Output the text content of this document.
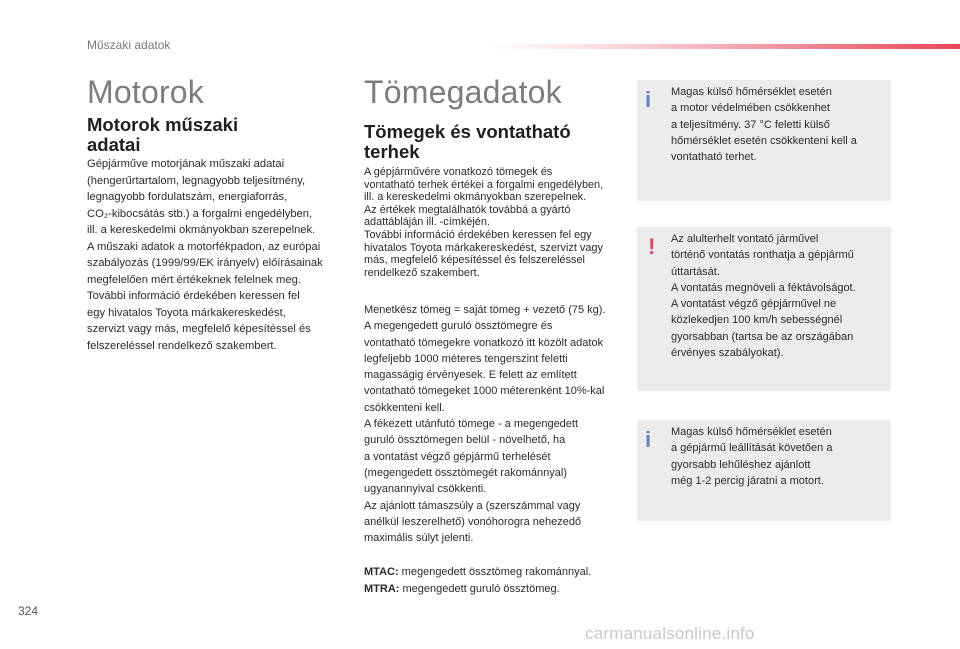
Műszaki adatok
Motorok
Motorok műszaki
adatai
Gépjárműve motorjának műszaki adatai
(hengerűrtartalom, legnagyobb teljesítmény,
legnagyobb fordulatszám, energiaforrás,
CO₂-kibocsátás stb.) a forgalmi engedélyben,
ill. a kereskedelmi okmányokban szerepelnek.
A műszaki adatok a motorfékpadon, az európai
szabályozás (1999/99/EK irányelv) előírásainak
megfelelően mért értékeknek felelnek meg.
További információ érdekében keressen fel
egy hivatalos Toyota márkakereskedést,
szervizt vagy más, megfelelő képesítéssel és
felszereléssel rendelkező szakembert.
Tömegadatok
Tömegek és vontatható
terhek
A gépjárművére vonatkozó tömegek és
vontatható terhek értékei a forgalmi engedélyben,
ill. a kereskedelmi okmányokban szerepelnek.
Az értékek megtalálhatók továbbá a gyártó
adattábláján ill. -címkéjén.
További információ érdekében keressen fel egy
hivatalos Toyota márkakereskedést, szervizt vagy
más, megfelelő képesítéssel és felszereléssel
rendelkező szakembert.
Menetkész tömeg = saját tömeg + vezető (75 kg).
A megengedett guruló össztömegre és
vontatható tömegekre vonatkozó itt közölt adatok
legfeljebb 1000 méteres tengerszint feletti
magasságig érvényesek. E felett az említett
vontatható tömegeket 1000 méterenként 10%-kal
csökkenteni kell.
A fékezett utánfutó tömege - a megengedett
guruló össztömegen belül - növelhető, ha
a vontatást végző gépjármű terhelését
(megengedett össztömegét rakománnyal)
ugyanannyival csökkenti.
Az ajánlott támaszsúly a (szerszámmal vagy
anélkül leszerelhető) vonóhorogra nehezedő
maximális súlyt jelenti.

MTAC: megengedett össztömeg rakománnyal.

MTRA: megengedett guruló össztömeg.

i Magas külső hőmérséklet esetén
a motor védelmében csökkenhet
a teljesítmény. 37 °C feletti külső
hőmérséklet esetén csökkenteni kell a
vontatható terhet.
! Az alulterhelt vontató járművel
történő vontatás ronthatja a gépjármű
úttartását.
A vontatás megnöveli a féktávolságot.
A vontatást végző gépjárművel ne
közlekedjen 100 km/h sebességnél
gyorsabban (tartsa be az országában
érvényes szabályokat).
i Magas külső hőmérséklet esetén
a gépjármű leállítását követően a
gyorsabb lehűléshez ajánlott
még 1-2 percig járatni a motort.
324
carmanualsonline.info
